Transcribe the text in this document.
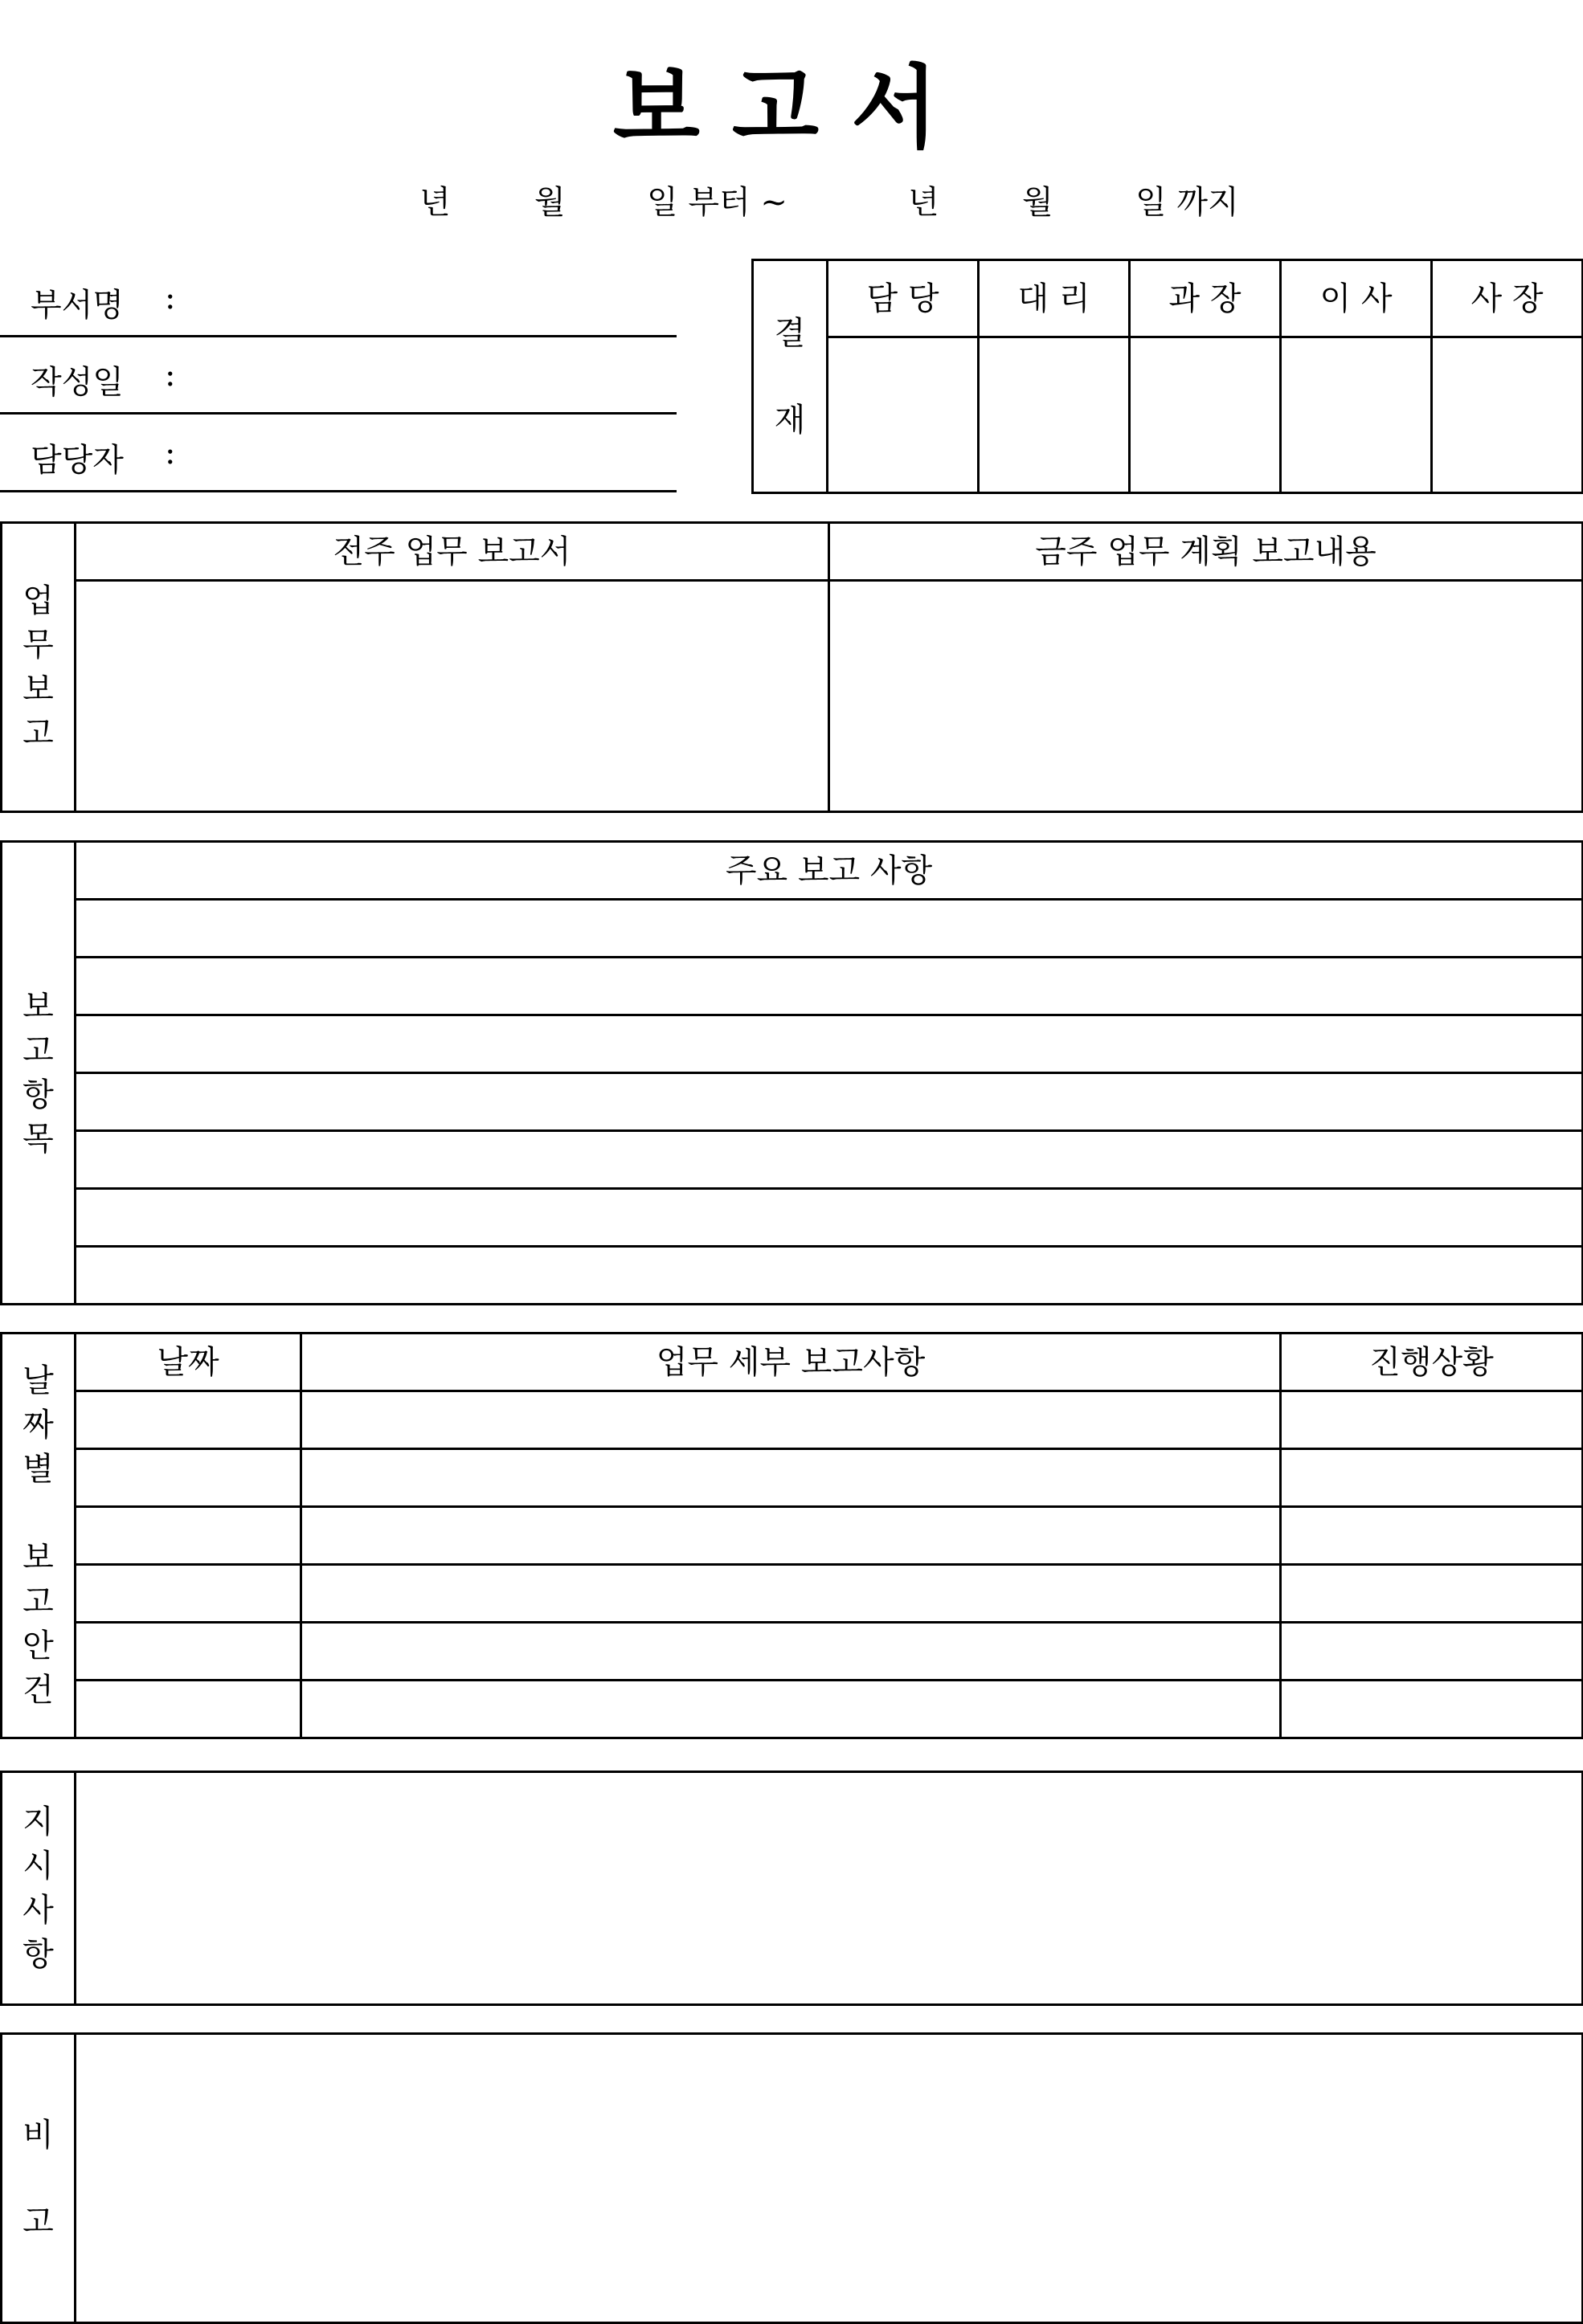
보고서
년	월	일 부터 ~	년	월	일 까지
부서명 :
작성일 :
담당자 :
결재	담 당	대 리	과 장	이 사	사 장

업무보고	전주 업무 보고서	금주 업무 계획 보고내용

보고항목	주요 보고 사항

날짜별
보고안건	날짜	업무 세부 보고사항	진행상황

지시사항	
비고	
